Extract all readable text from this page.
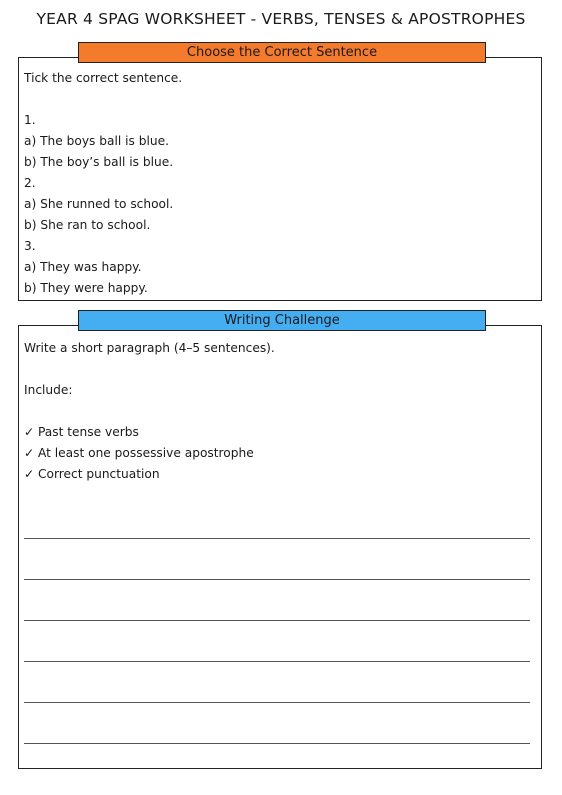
YEAR 4 SPAG WORKSHEET - VERBS, TENSES & APOSTROPHES
Choose the Correct Sentence
Tick the correct sentence.
1.
a) The boys ball is blue.
b) The boy’s ball is blue.
2.
a) She runned to school.
b) She ran to school.
3.
a) They was happy.
b) They were happy.
Writing Challenge
Write a short paragraph (4–5 sentences).
Include:
✓ Past tense verbs
✓ At least one possessive apostrophe
✓ Correct punctuation
